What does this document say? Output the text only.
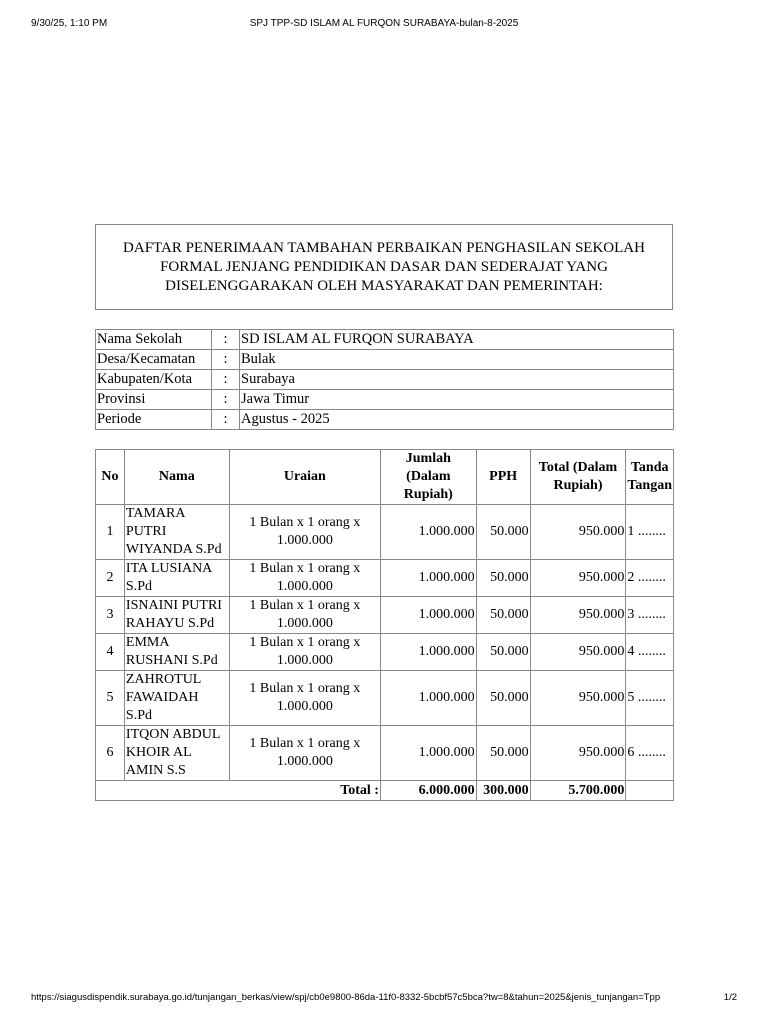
9/30/25, 1:10 PM	SPJ TPP-SD ISLAM AL FURQON SURABAYA-bulan-8-2025
DAFTAR PENERIMAAN TAMBAHAN PERBAIKAN PENGHASILAN SEKOLAH FORMAL JENJANG PENDIDIKAN DASAR DAN SEDERAJAT YANG DISELENGGARAKAN OLEH MASYARAKAT DAN PEMERINTAH:
Nama Sekolah	:	SD ISLAM AL FURQON SURABAYA
Desa/Kecamatan	:	Bulak
Kabupaten/Kota	:	Surabaya
Provinsi	:	Jawa Timur
Periode	:	Agustus - 2025
No	Nama	Uraian	Jumlah (Dalam Rupiah)	PPH	Total (Dalam Rupiah)	Tanda Tangan
1	TAMARA PUTRI WIYANDA S.Pd	1 Bulan x 1 orang x 1.000.000	1.000.000	50.000	950.000	1 ........
2	ITA LUSIANA S.Pd	1 Bulan x 1 orang x 1.000.000	1.000.000	50.000	950.000	2 ........
3	ISNAINI PUTRI RAHAYU S.Pd	1 Bulan x 1 orang x 1.000.000	1.000.000	50.000	950.000	3 ........
4	EMMA RUSHANI S.Pd	1 Bulan x 1 orang x 1.000.000	1.000.000	50.000	950.000	4 ........
5	ZAHROTUL FAWAIDAH S.Pd	1 Bulan x 1 orang x 1.000.000	1.000.000	50.000	950.000	5 ........
6	ITQON ABDUL KHOIR AL AMIN S.S	1 Bulan x 1 orang x 1.000.000	1.000.000	50.000	950.000	6 ........
Total :			6.000.000	300.000	5.700.000	
https://siagusdispendik.surabaya.go.id/tunjangan_berkas/view/spj/cb0e9800-86da-11f0-8332-5bcbf57c5bca?tw=8&tahun=2025&jenis_tunjangan=Tpp	1/2
